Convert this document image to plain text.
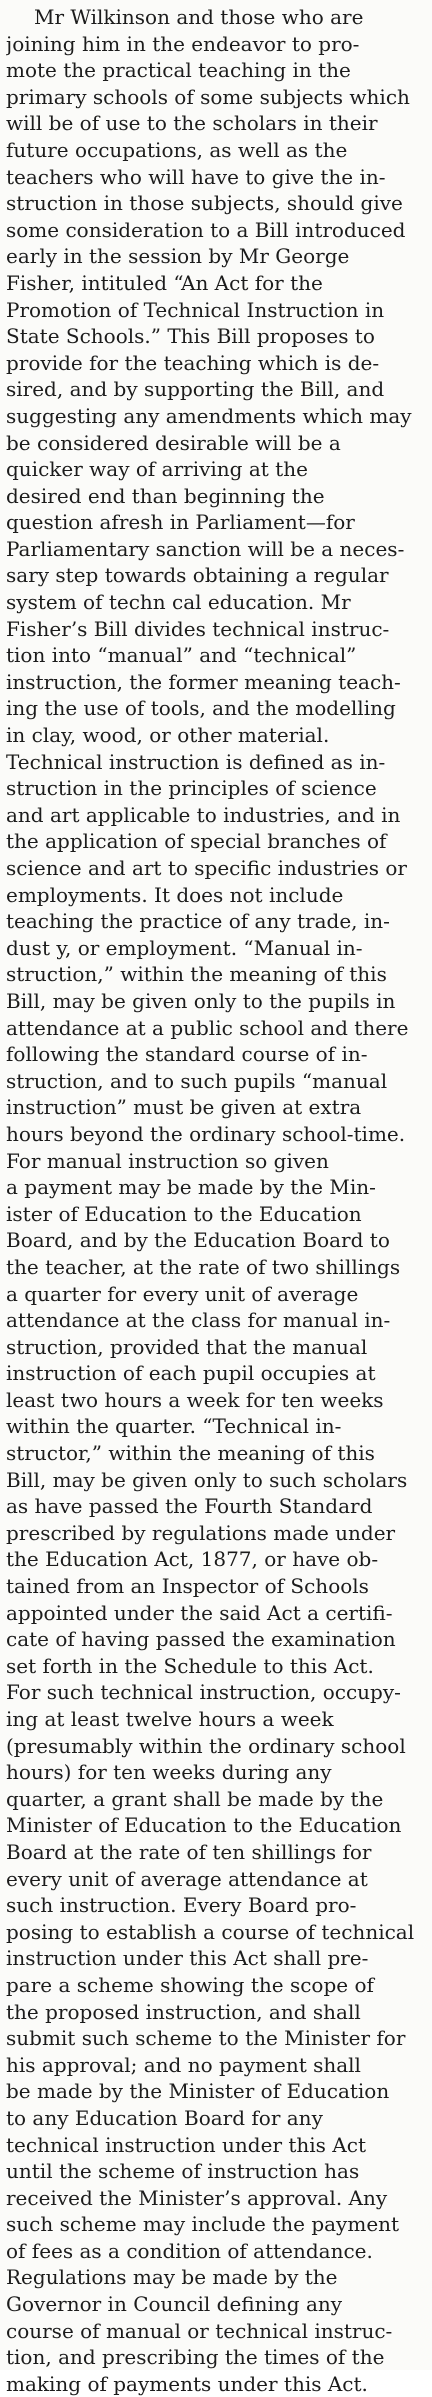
Mr Wilkinson and those who are
joining him in the endeavor to pro-
mote the practical teaching in the
primary schools of some subjects which
will be of use to the scholars in their
future occupations, as well as the
teachers who will have to give the in-
struction in those subjects, should give
some consideration to a Bill introduced
early in the session by Mr George
Fisher, intituled “An Act for the
Promotion of Technical Instruction in
State Schools.” This Bill proposes to
provide for the teaching which is de-
sired, and by supporting the Bill, and
suggesting any amendments which may
be considered desirable will be a
quicker way of arriving at the
desired end than beginning the
question afresh in Parliament—for
Parliamentary sanction will be a neces-
sary step towards obtaining a regular
system of techn cal education. Mr
Fisher’s Bill divides technical instruc-
tion into “manual” and “technical”
instruction, the former meaning teach-
ing the use of tools, and the modelling
in clay, wood, or other material.
Technical instruction is defined as in-
struction in the principles of science
and art applicable to industries, and in
the application of special branches of
science and art to specific industries or
employments. It does not include
teaching the practice of any trade, in-
dust y, or employment. “Manual in-
struction,” within the meaning of this
Bill, may be given only to the pupils in
attendance at a public school and there
following the standard course of in-
struction, and to such pupils “manual
instruction” must be given at extra
hours beyond the ordinary school-time.
For manual instruction so given
a payment may be made by the Min-
ister of Education to the Education
Board, and by the Education Board to
the teacher, at the rate of two shillings
a quarter for every unit of average
attendance at the class for manual in-
struction, provided that the manual
instruction of each pupil occupies at
least two hours a week for ten weeks
within the quarter. “Technical in-
structor,” within the meaning of this
Bill, may be given only to such scholars
as have passed the Fourth Standard
prescribed by regulations made under
the Education Act, 1877, or have ob-
tained from an Inspector of Schools
appointed under the said Act a certifi-
cate of having passed the examination
set forth in the Schedule to this Act.
For such technical instruction, occupy-
ing at least twelve hours a week
(presumably within the ordinary school
hours) for ten weeks during any
quarter, a grant shall be made by the
Minister of Education to the Education
Board at the rate of ten shillings for
every unit of average attendance at
such instruction. Every Board pro-
posing to establish a course of technical
instruction under this Act shall pre-
pare a scheme showing the scope of
the proposed instruction, and shall
submit such scheme to the Minister for
his approval; and no payment shall
be made by the Minister of Education
to any Education Board for any
technical instruction under this Act
until the scheme of instruction has
received the Minister’s approval. Any
such scheme may include the payment
of fees as a condition of attendance.
Regulations may be made by the
Governor in Council defining any
course of manual or technical instruc-
tion, and prescribing the times of the
making of payments under this Act.
